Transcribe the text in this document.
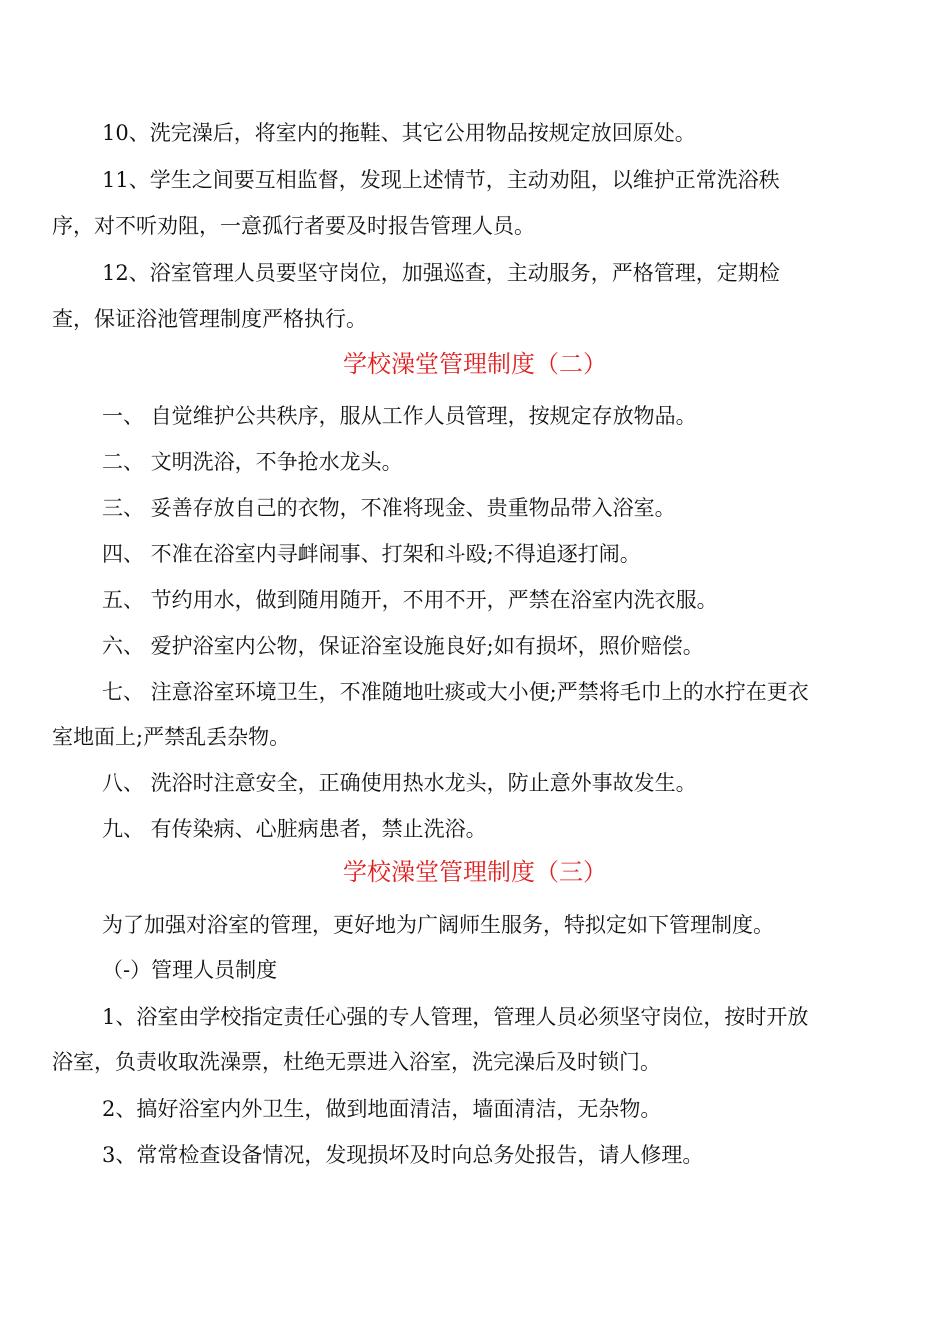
10、洗完澡后，将室内的拖鞋、其它公用物品按规定放回原处。

11、学生之间要互相监督，发现上述情节，主动劝阻，以维护正常洗浴秩

序，对不听劝阻，一意孤行者要及时报告管理人员。

12、浴室管理人员要坚守岗位，加强巡查，主动服务，严格管理，定期检

查，保证浴池管理制度严格执行。

学校澡堂管理制度（二）

一、 自觉维护公共秩序，服从工作人员管理，按规定存放物品。

二、 文明洗浴，不争抢水龙头。

三、 妥善存放自己的衣物，不准将现金、贵重物品带入浴室。

四、 不准在浴室内寻衅闹事、打架和斗殴;不得追逐打闹。

五、 节约用水，做到随用随开，不用不开，严禁在浴室内洗衣服。

六、 爱护浴室内公物，保证浴室设施良好;如有损坏，照价赔偿。

七、 注意浴室环境卫生，不准随地吐痰或大小便;严禁将毛巾上的水拧在更衣

室地面上;严禁乱丢杂物。

八、 洗浴时注意安全，正确使用热水龙头，防止意外事故发生。

九、 有传染病、心脏病患者，禁止洗浴。

学校澡堂管理制度（三）

为了加强对浴室的管理，更好地为广阔师生服务，特拟定如下管理制度。

（-）管理人员制度

1、浴室由学校指定责任心强的专人管理，管理人员必须坚守岗位，按时开放

浴室，负责收取洗澡票，杜绝无票进入浴室，洗完澡后及时锁门。

2、搞好浴室内外卫生，做到地面清洁，墙面清洁，无杂物。

3、常常检查设备情况，发现损坏及时向总务处报告，请人修理。
